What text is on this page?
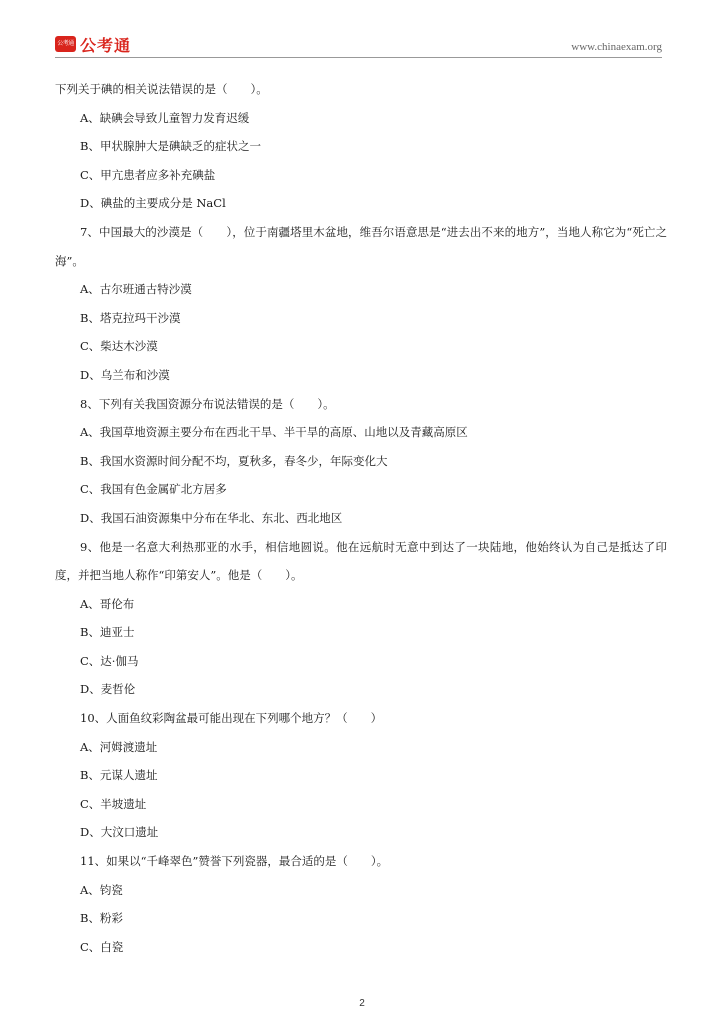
公考通 公考通	www.chinaexam.org
下列关于碘的相关说法错误的是（　　）。
A、缺碘会导致儿童智力发育迟缓
B、甲状腺肿大是碘缺乏的症状之一
C、甲亢患者应多补充碘盐
D、碘盐的主要成分是 NaCl
7、中国最大的沙漠是（　　），位于南疆塔里木盆地，维吾尔语意思是“进去出不来的地方”，当地人称它为“死亡之海”。
A、古尔班通古特沙漠
B、塔克拉玛干沙漠
C、柴达木沙漠
D、乌兰布和沙漠
8、下列有关我国资源分布说法错误的是（　　）。
A、我国草地资源主要分布在西北干旱、半干旱的高原、山地以及青藏高原区
B、我国水资源时间分配不均，夏秋多，春冬少，年际变化大
C、我国有色金属矿北方居多
D、我国石油资源集中分布在华北、东北、西北地区
9、他是一名意大利热那亚的水手，相信地圆说。他在远航时无意中到达了一块陆地，他始终认为自己是抵达了印度，并把当地人称作“印第安人”。他是（　　）。
A、哥伦布
B、迪亚士
C、达·伽马
D、麦哲伦
10、人面鱼纹彩陶盆最可能出现在下列哪个地方？（　　）
A、河姆渡遗址
B、元谋人遗址
C、半坡遗址
D、大汶口遗址
11、如果以“千峰翠色”赞誉下列瓷器，最合适的是（　　）。
A、钧瓷
B、粉彩
C、白瓷
2
